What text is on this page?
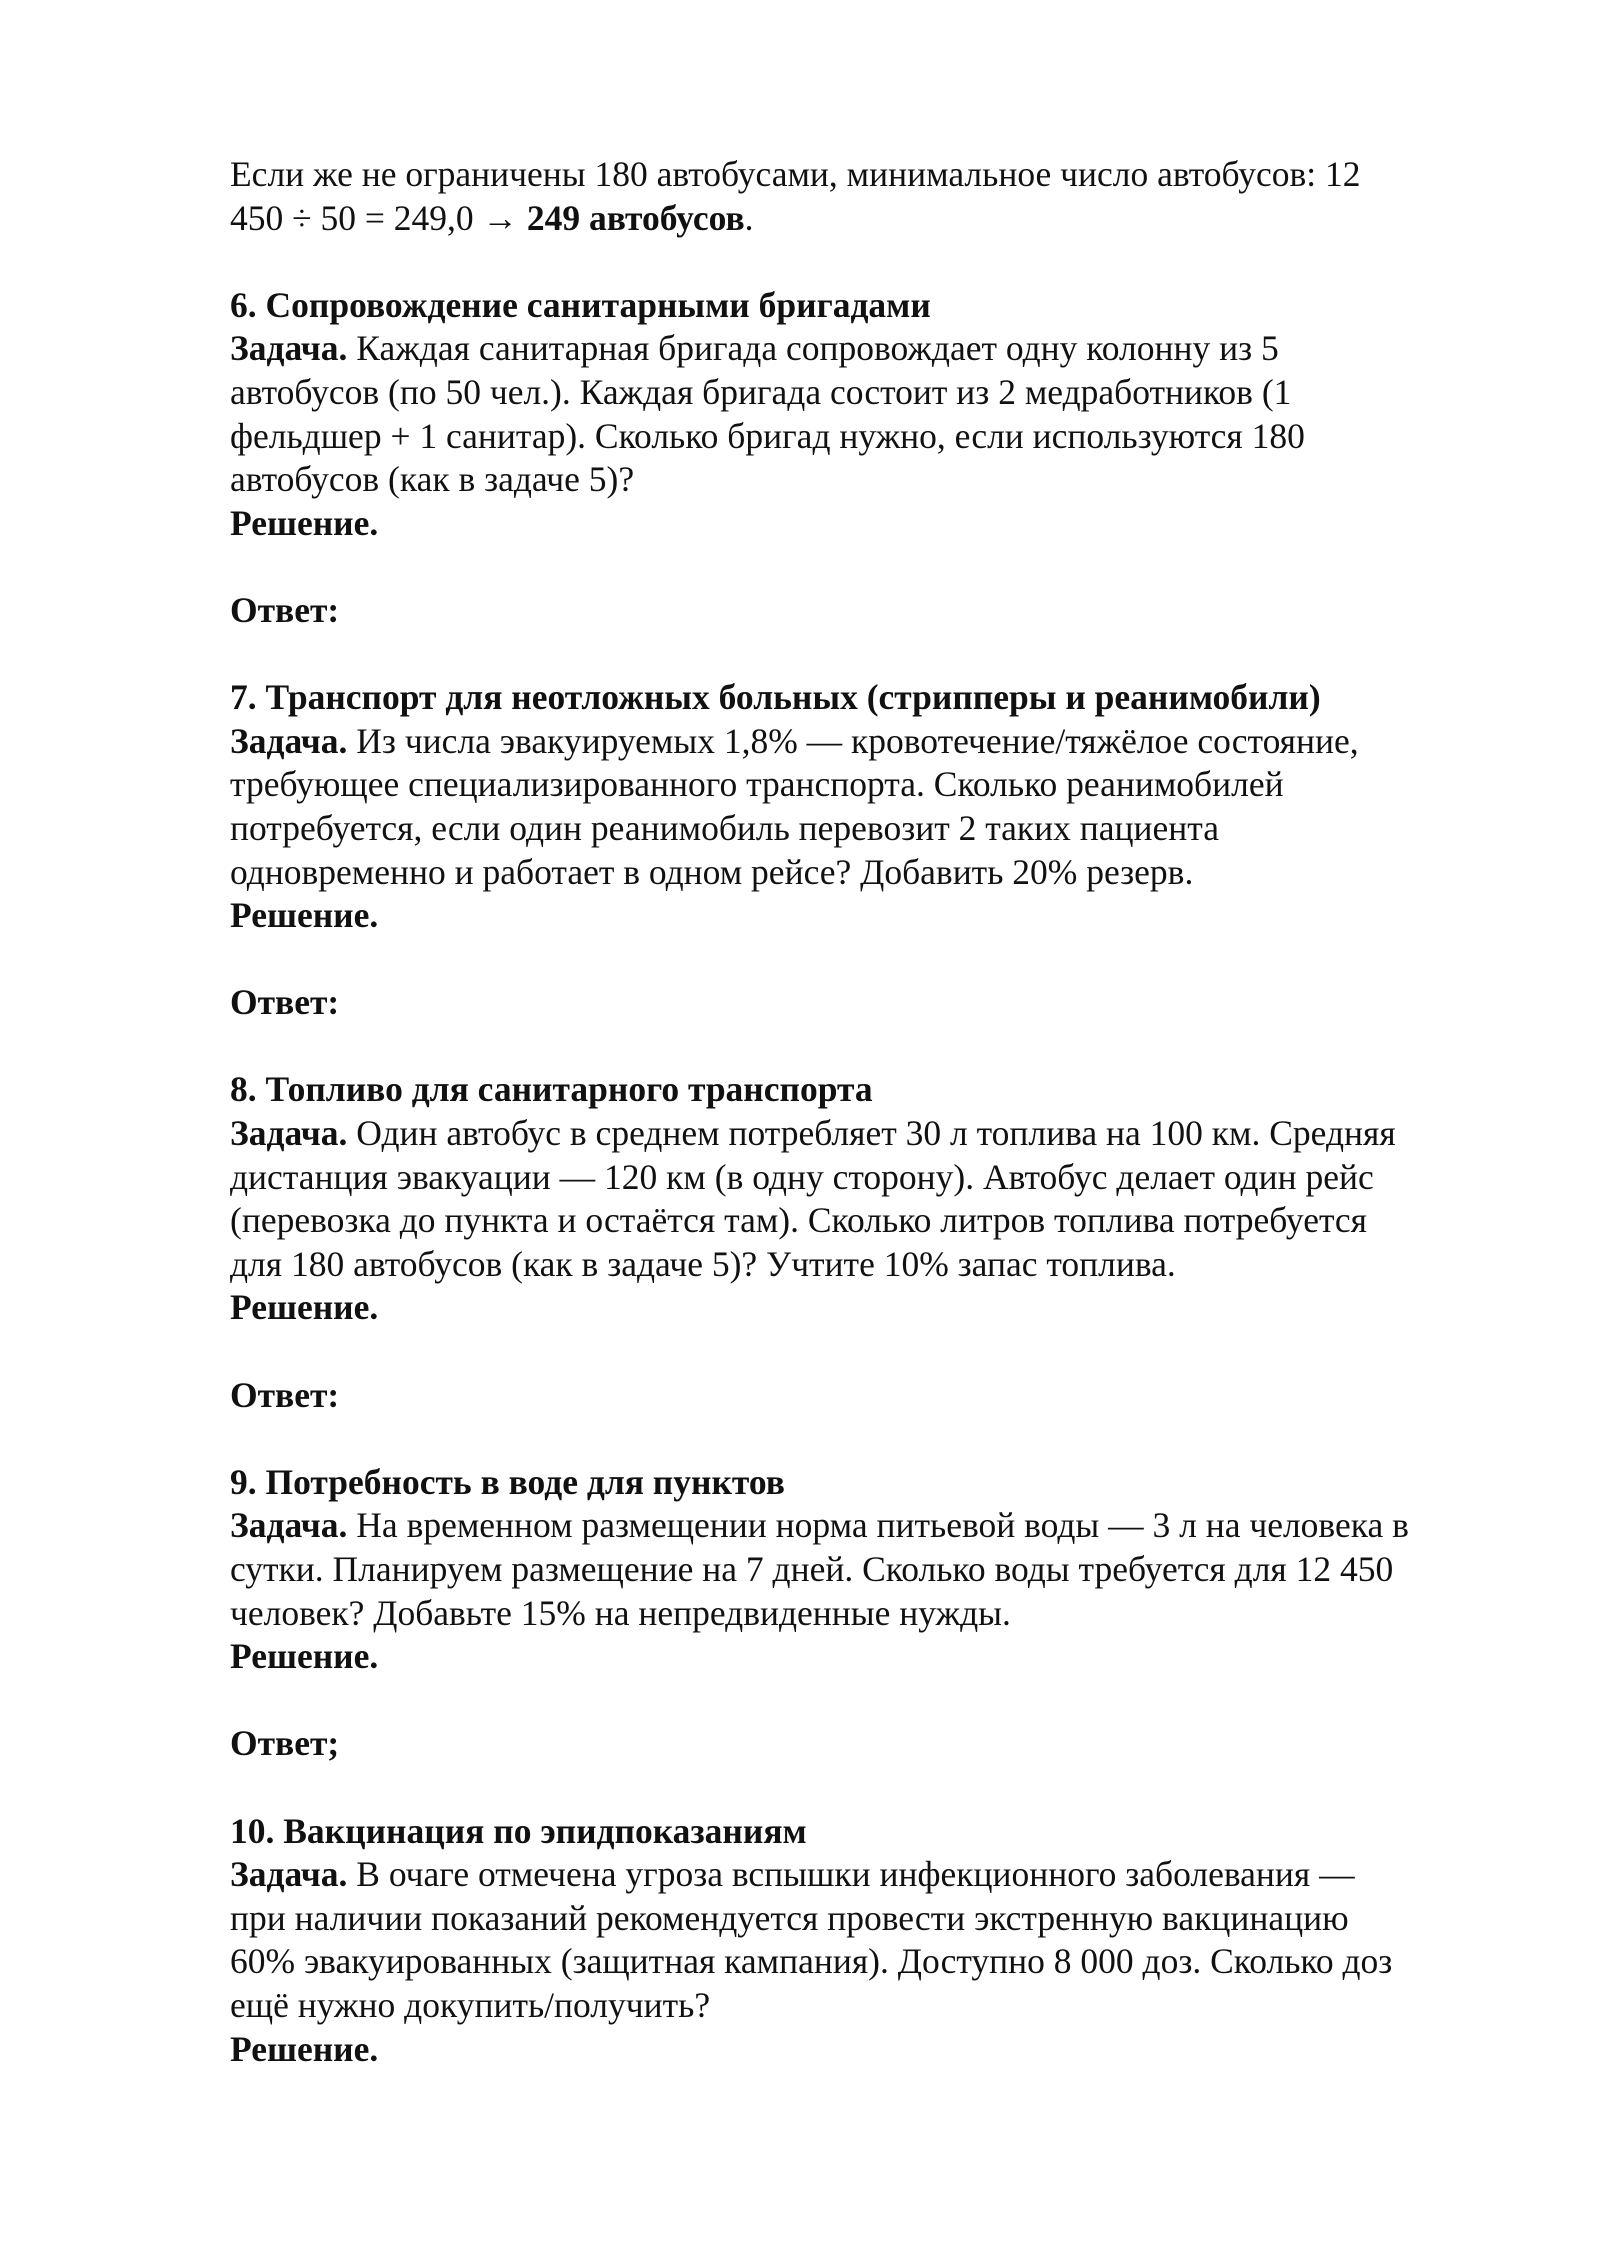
Если же не ограничены 180 автобусами, минимальное число автобусов: 12
450 ÷ 50 = 249,0 → 249 автобусов.
6. Сопровождение санитарными бригадами
Задача. Каждая санитарная бригада сопровождает одну колонну из 5
автобусов (по 50 чел.). Каждая бригада состоит из 2 медработников (1
фельдшер + 1 санитар). Сколько бригад нужно, если используются 180
автобусов (как в задаче 5)?
Решение.
Ответ:
7. Транспорт для неотложных больных (стрипперы и реанимобили)
Задача. Из числа эвакуируемых 1,8% — кровотечение/тяжёлое состояние,
требующее специализированного транспорта. Сколько реанимобилей
потребуется, если один реанимобиль перевозит 2 таких пациента
одновременно и работает в одном рейсе? Добавить 20% резерв.
Решение.
Ответ:
8. Топливо для санитарного транспорта
Задача. Один автобус в среднем потребляет 30 л топлива на 100 км. Средняя
дистанция эвакуации — 120 км (в одну сторону). Автобус делает один рейс
(перевозка до пункта и остаётся там). Сколько литров топлива потребуется
для 180 автобусов (как в задаче 5)? Учтите 10% запас топлива.
Решение.
Ответ:
9. Потребность в воде для пунктов
Задача. На временном размещении норма питьевой воды — 3 л на человека в
сутки. Планируем размещение на 7 дней. Сколько воды требуется для 12 450
человек? Добавьте 15% на непредвиденные нужды.
Решение.
Ответ;
10. Вакцинация по эпидпоказаниям
Задача. В очаге отмечена угроза вспышки инфекционного заболевания —
при наличии показаний рекомендуется провести экстренную вакцинацию
60% эвакуированных (защитная кампания). Доступно 8 000 доз. Сколько доз
ещё нужно докупить/получить?
Решение.
